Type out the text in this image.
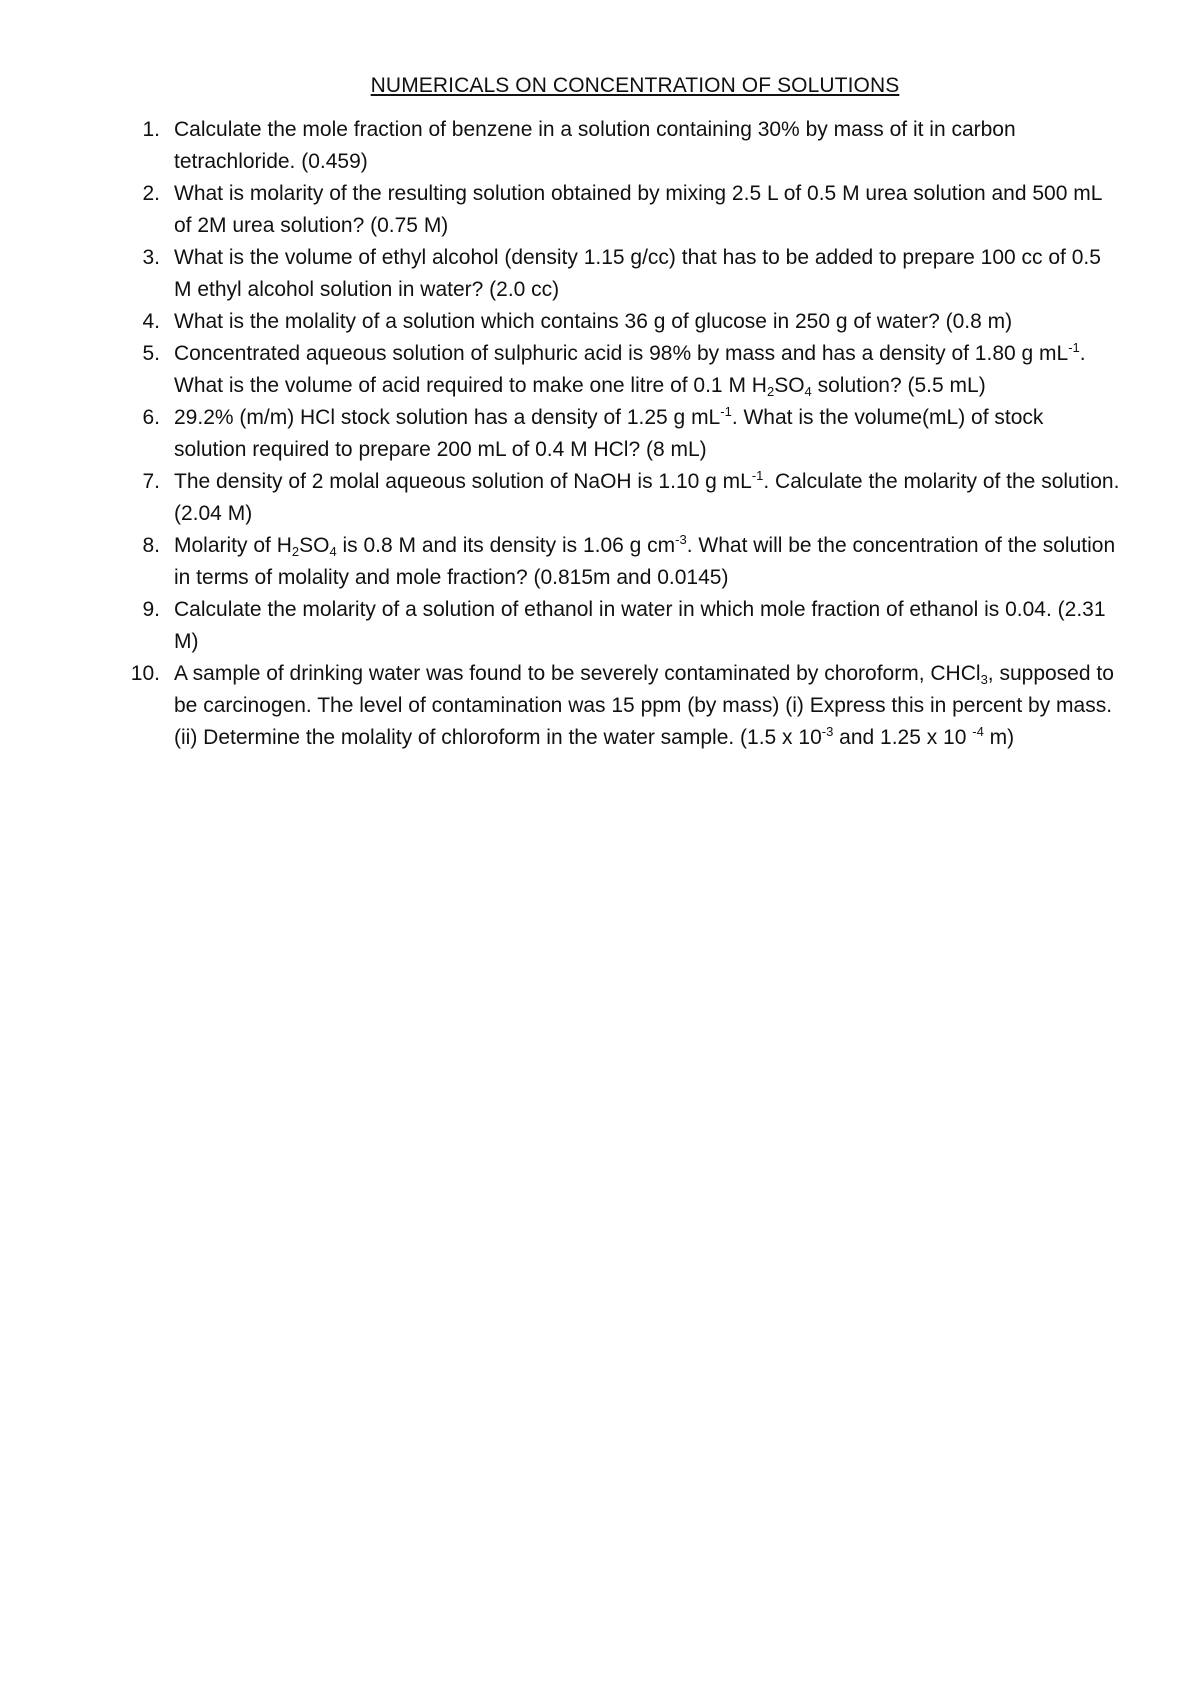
NUMERICALS ON CONCENTRATION OF SOLUTIONS
1. Calculate the mole fraction of benzene in a solution containing 30% by mass of it in carbon tetrachloride. (0.459)
2. What is molarity of the resulting solution obtained by mixing 2.5 L of 0.5 M urea solution and 500 mL of 2M urea solution? (0.75 M)
3. What is the volume of ethyl alcohol (density 1.15 g/cc) that has to be added to prepare 100 cc of 0.5 M ethyl alcohol solution in water? (2.0 cc)
4. What is the molality of a solution which contains 36 g of glucose in 250 g of water? (0.8 m)
5. Concentrated aqueous solution of sulphuric acid is 98% by mass and has a density of 1.80 g $mL^{-1}$. What is the volume of acid required to make one litre of 0.1 M $H_2SO_4$ solution? (5.5 mL)
6. 29.2% (m/m) HCl stock solution has a density of 1.25 g $mL^{-1}$. What is the volume(mL) of stock solution required to prepare 200 mL of 0.4 M HCl? (8 mL)
7. The density of 2 molal aqueous solution of NaOH is 1.10 g $mL^{-1}$. Calculate the molarity of the solution. (2.04 M)
8. Molarity of $H_2SO_4$ is 0.8 M and its density is 1.06 g $cm^{-3}$. What will be the concentration of the solution in terms of molality and mole fraction? (0.815m and 0.0145)
9. Calculate the molarity of a solution of ethanol in water in which mole fraction of ethanol is 0.04. (2.31 M)
10. A sample of drinking water was found to be severely contaminated by choroform, CHCl$_3$, supposed to be carcinogen. The level of contamination was 15 ppm (by mass) (i) Express this in percent by mass. (ii) Determine the molality of chloroform in the water sample. (1.5 x $10^{-3}$ and 1.25 x 10 $^{-4}$ m)
